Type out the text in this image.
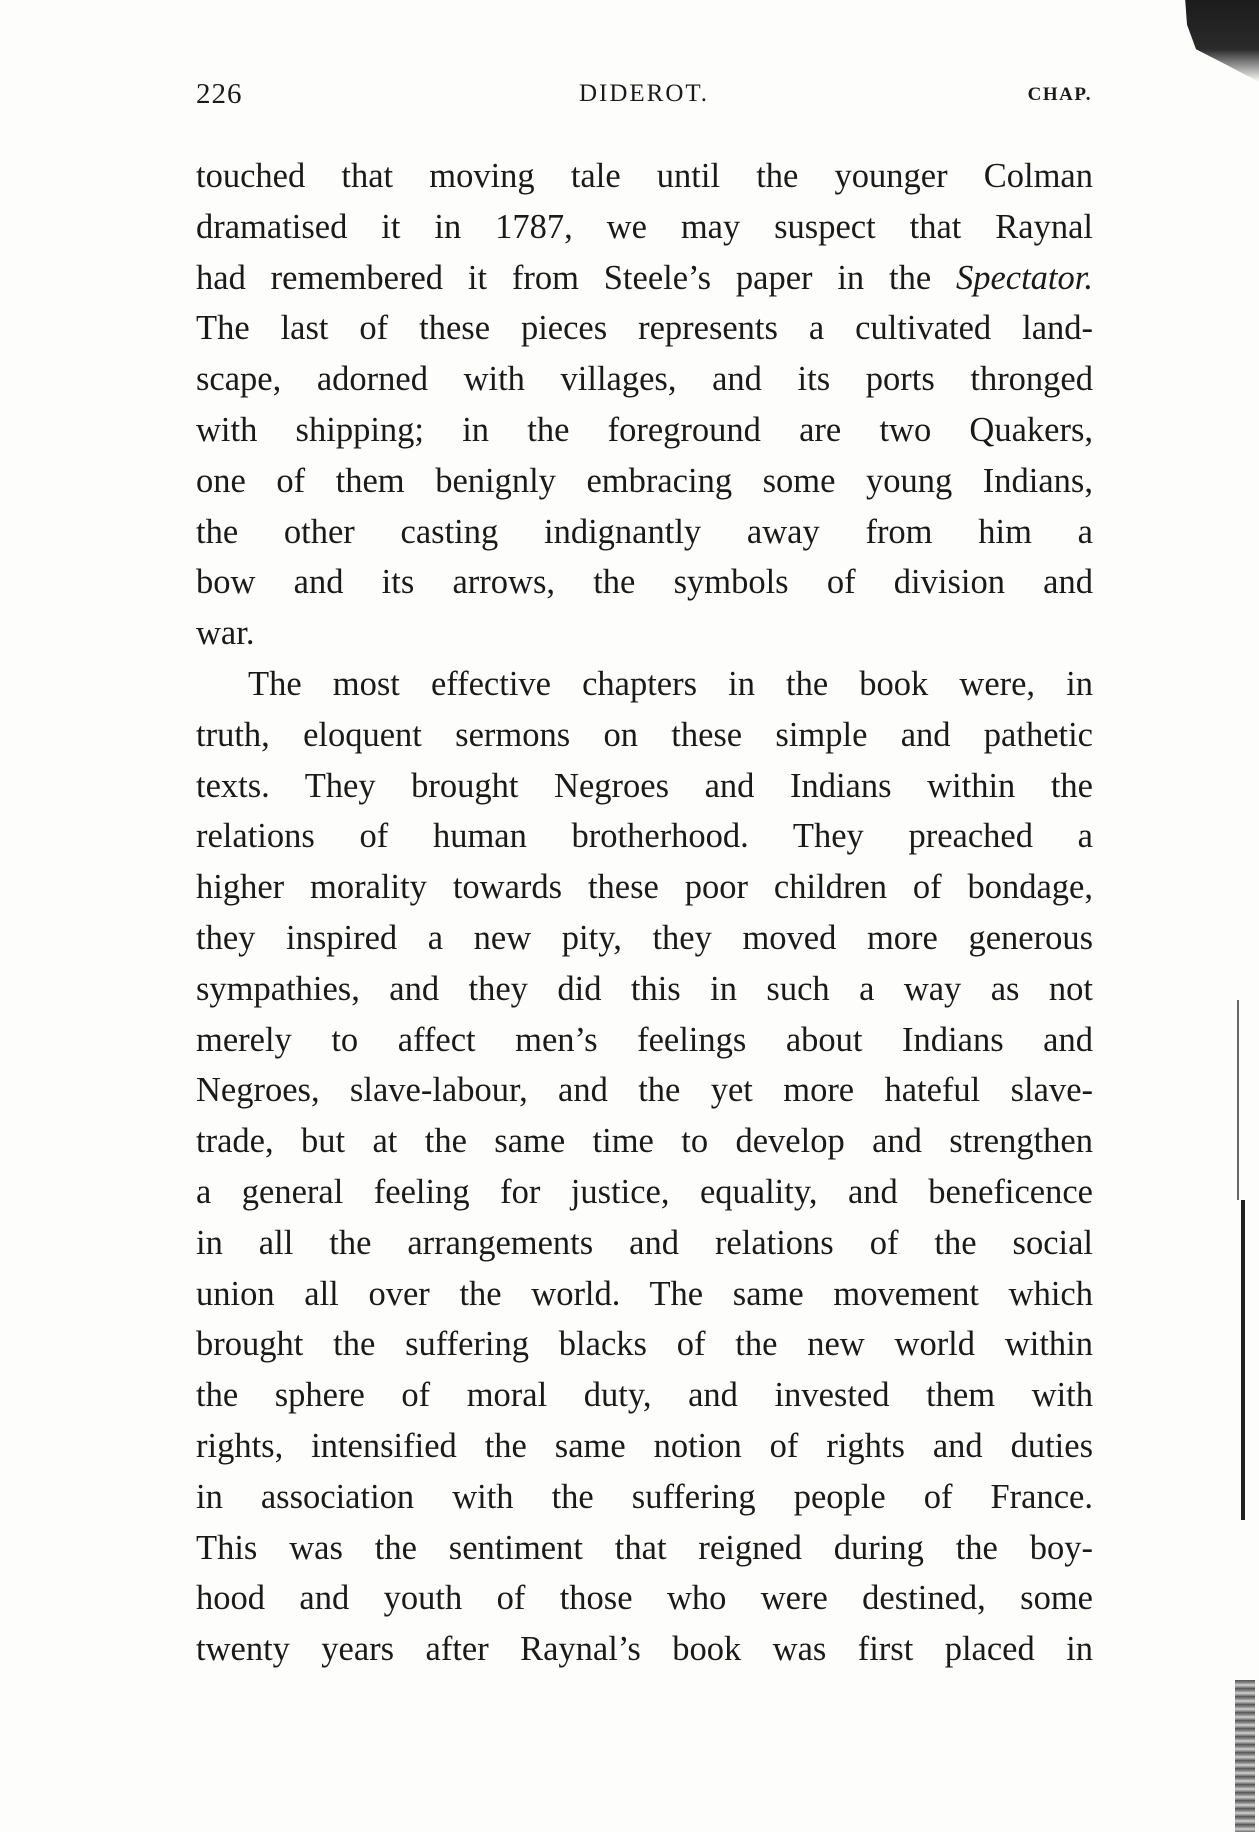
226	DIDEROT.	CHAP.
touched that moving tale until the younger Colman
dramatised it in 1787, we may suspect that Raynal
had remembered it from Steele’s paper in the Spectator.
The last of these pieces represents a cultivated land-
scape, adorned with villages, and its ports thronged
with shipping; in the foreground are two Quakers,
one of them benignly embracing some young Indians,
the other casting indignantly away from him a
bow and its arrows, the symbols of division and
war.
The most effective chapters in the book were, in
truth, eloquent sermons on these simple and pathetic
texts. They brought Negroes and Indians within the
relations of human brotherhood. They preached a
higher morality towards these poor children of bondage,
they inspired a new pity, they moved more generous
sympathies, and they did this in such a way as not
merely to affect men’s feelings about Indians and
Negroes, slave-labour, and the yet more hateful slave-
trade, but at the same time to develop and strengthen
a general feeling for justice, equality, and beneficence
in all the arrangements and relations of the social
union all over the world. The same movement which
brought the suffering blacks of the new world within
the sphere of moral duty, and invested them with
rights, intensified the same notion of rights and duties
in association with the suffering people of France.
This was the sentiment that reigned during the boy-
hood and youth of those who were destined, some
twenty years after Raynal’s book was first placed in
